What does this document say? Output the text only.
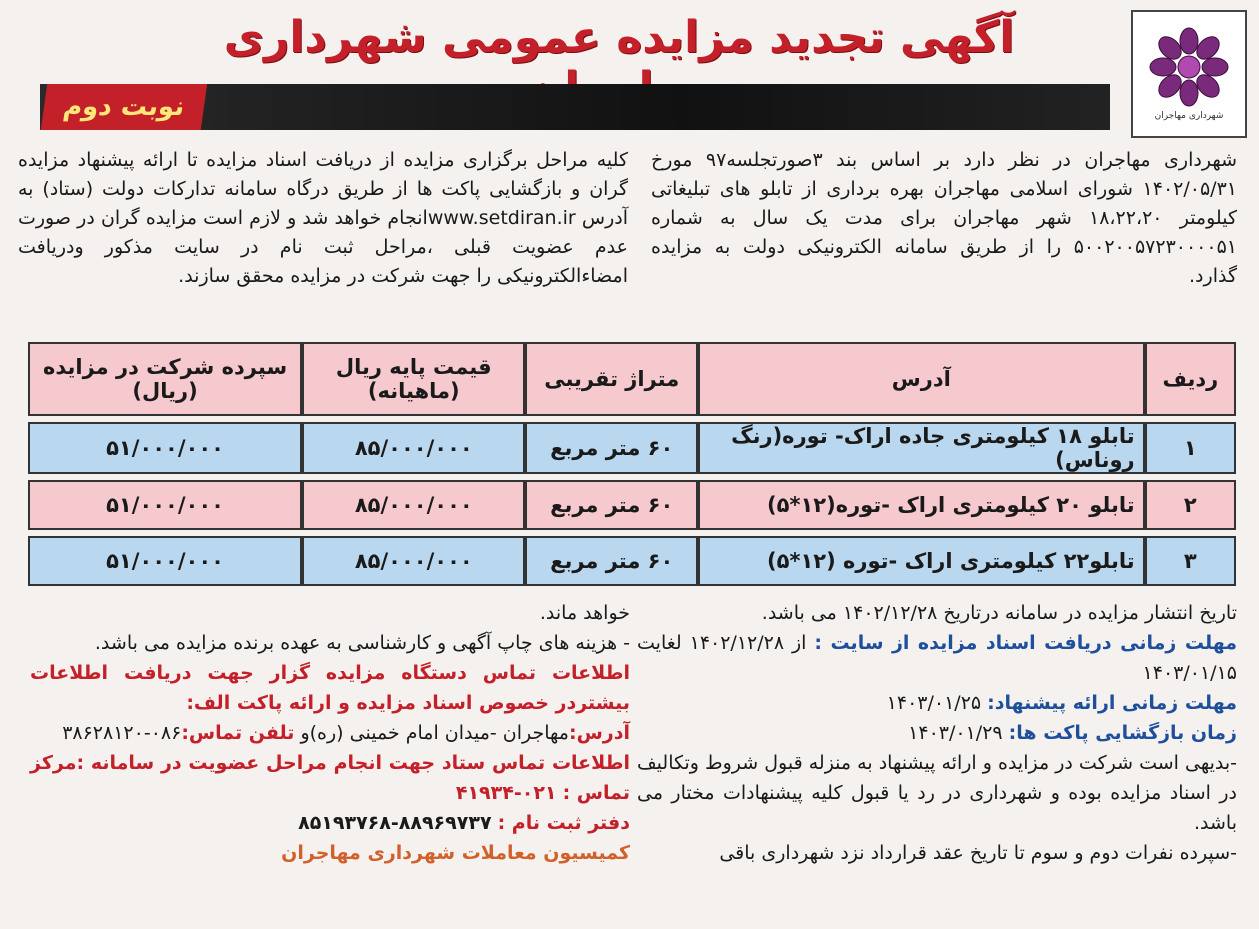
شهرداری مهاجران
آگهی تجدید مزایده عمومی شهرداری
نوبت دوم
شهرداری مهاجران در نظر دارد بر اساس بند ۳صورتجلسه۹۷ مورخ ۱۴۰۲/۰۵/۳۱ شورای اسلامی مهاجران بهره برداری از تابلو های تبلیغاتی کیلومتر ۱۸،۲۲،۲۰ شهر مهاجران برای مدت یک سال به شماره ۵۰۰۲۰۰۵۷۲۳۰۰۰۰۵۱ را از طریق سامانه الکترونیکی دولت به مزایده گذارد.
کلیه مراحل برگزاری مزایده از دریافت اسناد مزایده تا ارائه پیشنهاد مزایده گران و بازگشایی پاکت ها از طریق درگاه سامانه تدارکات دولت (ستاد) به آدرس www.setdiran.irانجام خواهد شد و لازم است مزایده گران در صورت عدم عضویت قبلی ،مراحل ثبت نام در سایت مذکور ودریافت امضاءالکترونیکی را جهت شرکت در مزایده محقق سازند.
ردیف	آدرس	متراژ تقریبی	قیمت پایه ریال (ماهیانه)	سپرده شرکت در مزایده (ریال)
۱	تابلو ۱۸ کیلومتری جاده اراک- توره(رنگ روناس)	۶۰ متر مربع	۸۵/۰۰۰/۰۰۰	۵۱/۰۰۰/۰۰۰
۲	تابلو ۲۰ کیلومتری اراک -توره(۱۲*۵)	۶۰ متر مربع	۸۵/۰۰۰/۰۰۰	۵۱/۰۰۰/۰۰۰
۳	تابلو۲۲ کیلومتری اراک -توره (۱۲*۵)	۶۰ متر مربع	۸۵/۰۰۰/۰۰۰	۵۱/۰۰۰/۰۰۰
تاریخ انتشار مزایده در سامانه درتاریخ ۱۴۰۲/۱۲/۲۸ می باشد.
مهلت زمانی دریافت اسناد مزایده از سایت : از ۱۴۰۲/۱۲/۲۸ لغایت ۱۴۰۳/۰۱/۱۵
مهلت زمانی ارائه پیشنهاد: ۱۴۰۳/۰۱/۲۵
زمان بازگشایی پاکت ها: ۱۴۰۳/۰۱/۲۹
-بدیهی است شرکت در مزایده و ارائه پیشنهاد به منزله قبول شروط وتکالیف در اسناد مزایده بوده و شهرداری در رد یا قبول کلیه پیشنهادات مختار می باشد.
-سپرده نفرات دوم و سوم تا تاریخ عقد قرارداد نزد شهرداری باقی
خواهد ماند.
- هزینه های چاپ آگهی و کارشناسی به عهده برنده مزایده می باشد.
اطلاعات تماس دستگاه مزایده گزار جهت دریافت اطلاعات بیشتردر خصوص اسناد مزایده و ارائه پاکت الف:
آدرس:مهاجران -میدان امام خمینی (ره)و تلفن تماس:۰۸۶-۳۸۶۲۸۱۲۰
اطلاعات تماس ستاد جهت انجام مراحل عضویت در سامانه :مرکز تماس : ۰۲۱-۴۱۹۳۴
دفتر ثبت نام : ۸۸۹۶۹۷۳۷-۸۵۱۹۳۷۶۸
کمیسیون معاملات شهرداری مهاجران
